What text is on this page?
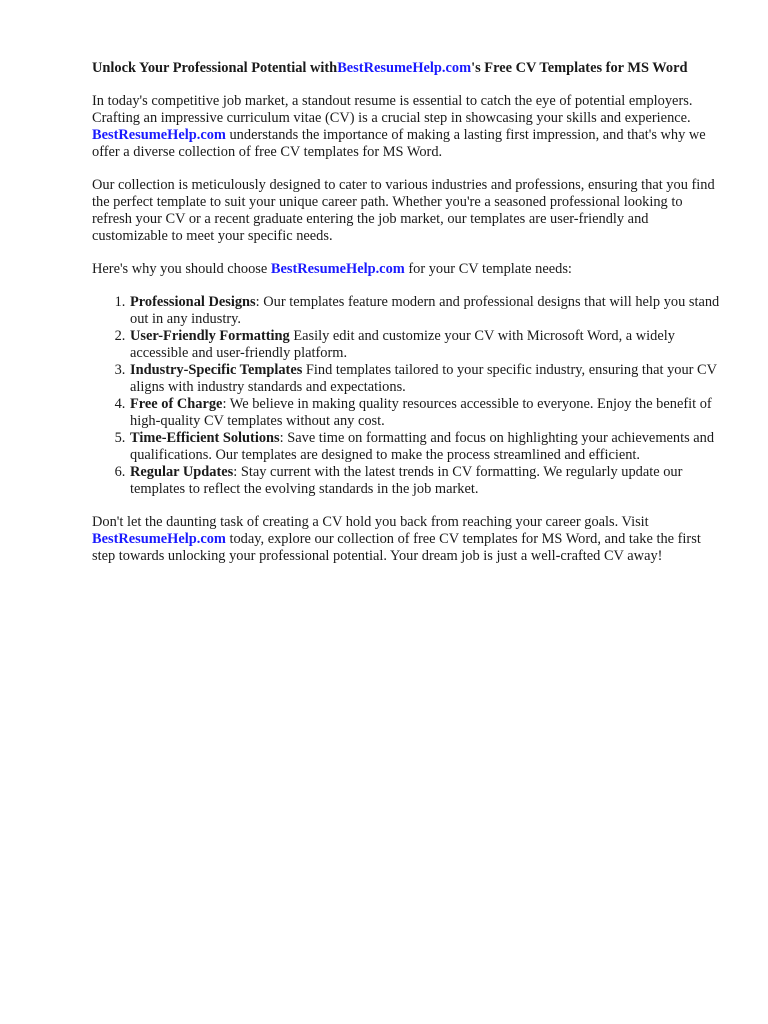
Unlock Your Professional Potential withBestResumeHelp.com's Free CV Templates for MS Word

In today's competitive job market, a standout resume is essential to catch the eye of potential employers. Crafting an impressive curriculum vitae (CV) is a crucial step in showcasing your skills and experience. BestResumeHelp.com understands the importance of making a lasting first impression, and that's why we offer a diverse collection of free CV templates for MS Word.

Our collection is meticulously designed to cater to various industries and professions, ensuring that you find the perfect template to suit your unique career path. Whether you're a seasoned professional looking to refresh your CV or a recent graduate entering the job market, our templates are user-friendly and customizable to meet your specific needs.

Here's why you should choose BestResumeHelp.com for your CV template needs:

1. Professional Designs: Our templates feature modern and professional designs that will help you stand out in any industry.
2. User-Friendly Formatting Easily edit and customize your CV with Microsoft Word, a widely accessible and user-friendly platform.
3. Industry-Specific Templates Find templates tailored to your specific industry, ensuring that your CV aligns with industry standards and expectations.
4. Free of Charge: We believe in making quality resources accessible to everyone. Enjoy the benefit of high-quality CV templates without any cost.
5. Time-Efficient Solutions: Save time on formatting and focus on highlighting your achievements and qualifications. Our templates are designed to make the process streamlined and efficient.
6. Regular Updates: Stay current with the latest trends in CV formatting. We regularly update our templates to reflect the evolving standards in the job market.

Don't let the daunting task of creating a CV hold you back from reaching your career goals. Visit BestResumeHelp.com today, explore our collection of free CV templates for MS Word, and take the first step towards unlocking your professional potential. Your dream job is just a well-crafted CV away!
